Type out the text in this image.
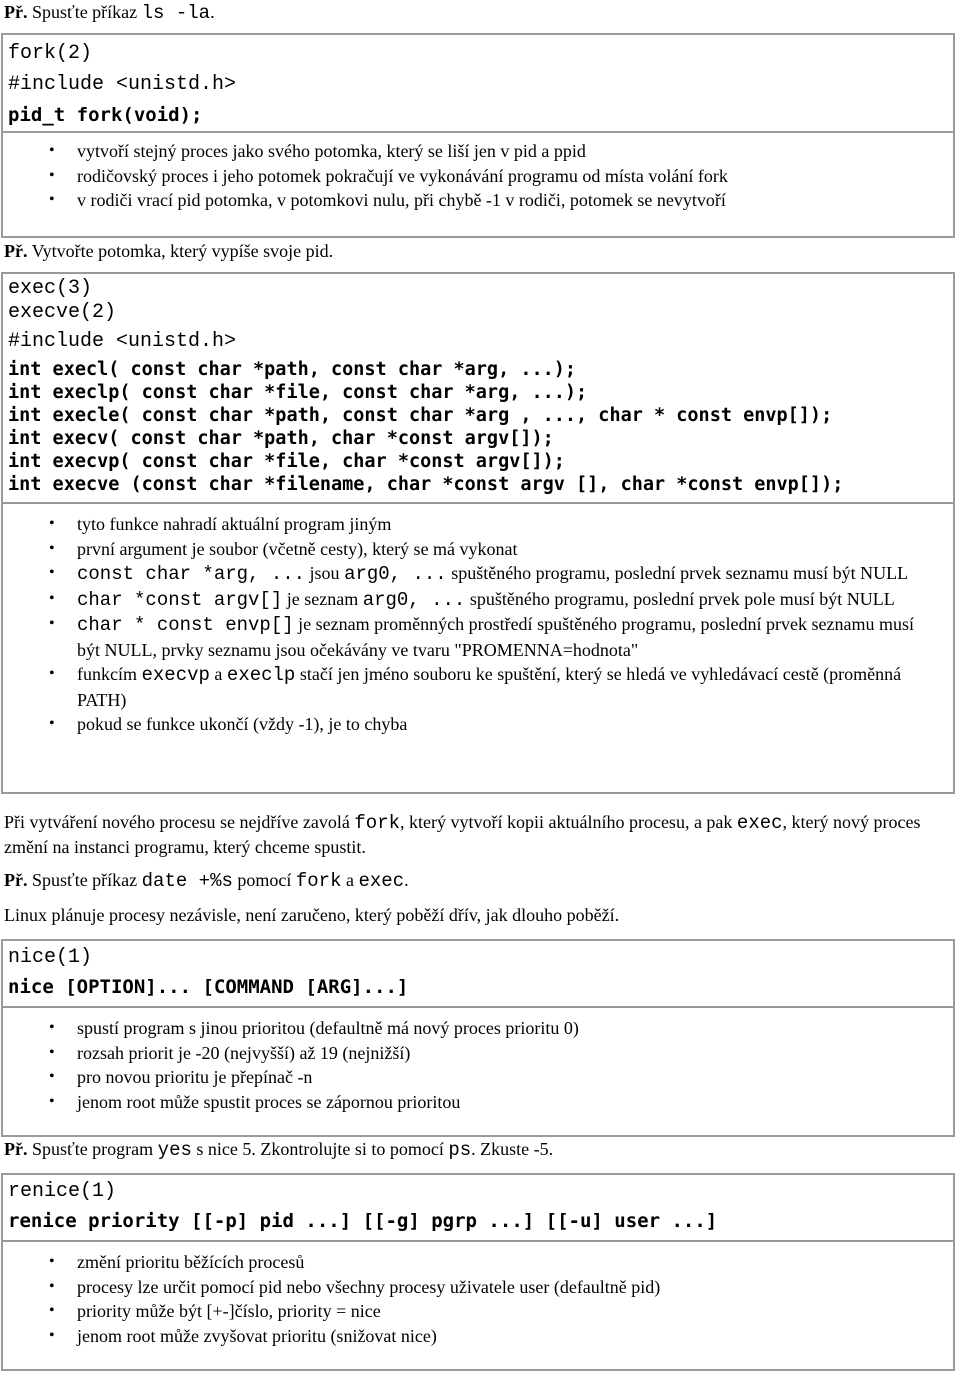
Př. Spusťte příkaz ls -la.

fork(2)
#include <unistd.h>
pid_t fork(void);
• vytvoří stejný proces jako svého potomka, který se liší jen v pid a ppid
• rodičovský proces i jeho potomek pokračují ve vykonávání programu od místa volání fork
• v rodiči vrací pid potomka, v potomkovi nulu, při chybě -1 v rodiči, potomek se nevytvoří

Př. Vytvořte potomka, který vypíše svoje pid.

exec(3)
execve(2)
#include <unistd.h>
int execl( const char *path, const char *arg, ...);
int execlp( const char *file, const char *arg, ...);
int execle( const char *path, const char *arg , ..., char * const envp[]);
int execv( const char *path, char *const argv[]);
int execvp( const char *file, char *const argv[]);
int execve (const char *filename, char *const argv [], char *const envp[]);
• tyto funkce nahradí aktuální program jiným
• první argument je soubor (včetně cesty), který se má vykonat
• const char *arg, ... jsou arg0, ... spuštěného programu, poslední prvek seznamu musí být NULL
• char *const argv[] je seznam arg0, ... spuštěného programu, poslední prvek pole musí být NULL
• char * const envp[] je seznam proměnných prostředí spuštěného programu, poslední prvek seznamu musí být NULL, prvky seznamu jsou očekávány ve tvaru "PROMENNA=hodnota"
• funkcím execvp a execlp stačí jen jméno souboru ke spuštění, který se hledá ve vyhledávací cestě (proměnná PATH)
• pokud se funkce ukončí (vždy -1), je to chyba

Při vytváření nového procesu se nejdříve zavolá fork, který vytvoří kopii aktuálního procesu, a pak exec, který nový proces změní na instanci programu, který chceme spustit.

Př. Spusťte příkaz date +%s pomocí fork a exec.

Linux plánuje procesy nezávisle, není zaručeno, který poběží dřív, jak dlouho poběží.

nice(1)
nice [OPTION]... [COMMAND [ARG]...]
• spustí program s jinou prioritou (defaultně má nový proces prioritu 0)
• rozsah priorit je -20 (nejvyšší) až 19 (nejnižší)
• pro novou prioritu je přepínač -n
• jenom root může spustit proces se zápornou prioritou

Př. Spusťte program yes s nice 5. Zkontrolujte si to pomocí ps. Zkuste -5.

renice(1)
renice priority [[-p] pid ...] [[-g] pgrp ...] [[-u] user ...]
• změní prioritu běžících procesů
• procesy lze určit pomocí pid nebo všechny procesy uživatele user (defaultně pid)
• priority může být [+-]číslo, priority = nice
• jenom root může zvyšovat prioritu (snižovat nice)
